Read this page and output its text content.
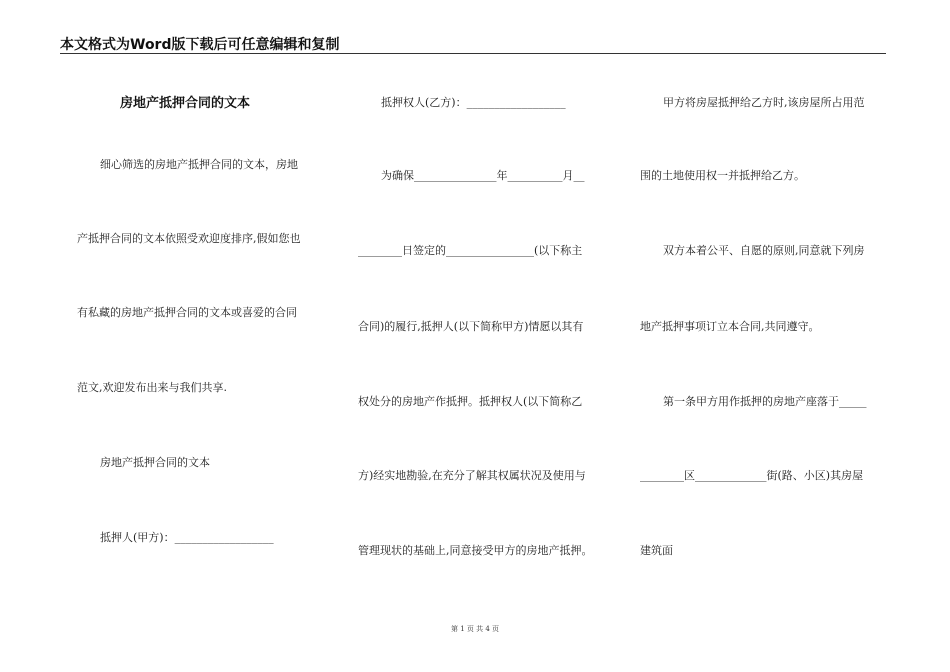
本文格式为Word版下载后可任意编辑和复制
房地产抵押合同的文本
细心筛选的房地产抵押合同的文本，房地
产抵押合同的文本依照受欢迎度排序,假如您也
有私藏的房地产抵押合同的文本或喜爱的合同
范文,欢迎发布出来与我们共享.
房地产抵押合同的文本
抵押人(甲方)：__________________
抵押权人(乙方)：__________________
为确保_______________年__________月__
________日签定的________________(以下称主
合同)的履行,抵押人(以下简称甲方)情愿以其有
权处分的房地产作抵押。抵押权人(以下简称乙
方)经实地勘验,在充分了解其权属状况及使用与
管理现状的基础上,同意接受甲方的房地产抵押。
甲方将房屋抵押给乙方时,该房屋所占用范
围的土地使用权一并抵押给乙方。
双方本着公平、自愿的原则,同意就下列房
地产抵押事项订立本合同,共同遵守。
第一条甲方用作抵押的房地产座落于_____
________区_____________街(路、小区)其房屋
建筑面
第 1 页 共 4 页
